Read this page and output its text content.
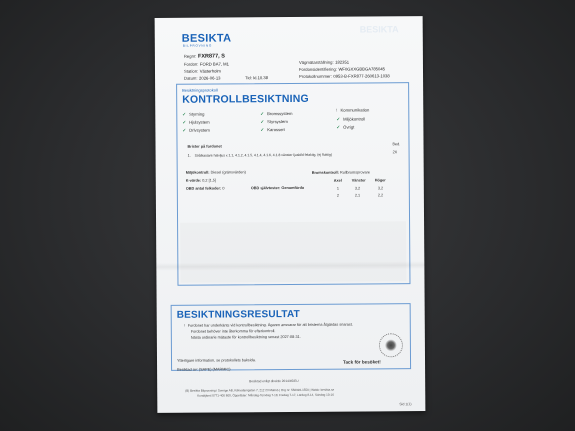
BESIKTA
BESIKTA
BILPROVNING
Regnr:FXR877, S
Fordon:FORD BA7, M1
Station:Västerholm
Datum:2026-06-13	Tid:kl.10.38
Vägmätarställning:182351
Fordonsidentifiering:WF0GXXGBBGA785045
Protokollnummer:0953-B-FXR877-260613-1038
Besiktningsprotokoll
KONTROLLBESIKTNING
✓ Styrning
✓ Hjulsystem
✓ Drivsystem
✓ Bromssystem
✓ Styrsystem
✓ Karosseri
! Kommunikation
✓ Miljökontroll
✓ Övrigt
Brister på fordonet
1. Strålkastare halvljus x 1.1, 4.1.2, 4.1.5, 4.1.4, 4.1.6, 4.1.8 vänster ljusbild felaktig, (ej fluktig)
Bed.
2X
Miljökontroll: Diesel (gränsvärden)
K-värde: 0,2 [1,5]
OBD antal felkoder: 0	OBD självtester: Genomförda
Bromskontroll: Rullbromsprovare
Axel	Vänster Höger
1	3,2	3,2
2	2,1	2,2
BESIKTNINGSRESULTAT
! Fordonet har underkänts vid kontrollbesiktning. Ägaren ansvarar för att bristerna åtgärdas snarast.
Fordonet behöver inte återkomma för efterkontroll.
Nästa ordinarie mätaste för kontrollbesiktning senast 2027-08-31.
Ytterligare information, se protokollets baksida.	Tack för besöket!
Besiktad av: (SAPE) (MARMIC)
Besiktad enligt direktiv 2014/45/EU
(B) Besikta Bilprovning i Sverige AB, Kåkvattengatan 7, 212 23 Malmö | Org nr: 556993-1550 | Webb: besikta.se
Kundtjänst 0771-400 800, Öppettider: Måndag-Torsdag 7-18, Fredag 7-17, Lördag 8-14, Söndag 10-16
Sid 1(1)
